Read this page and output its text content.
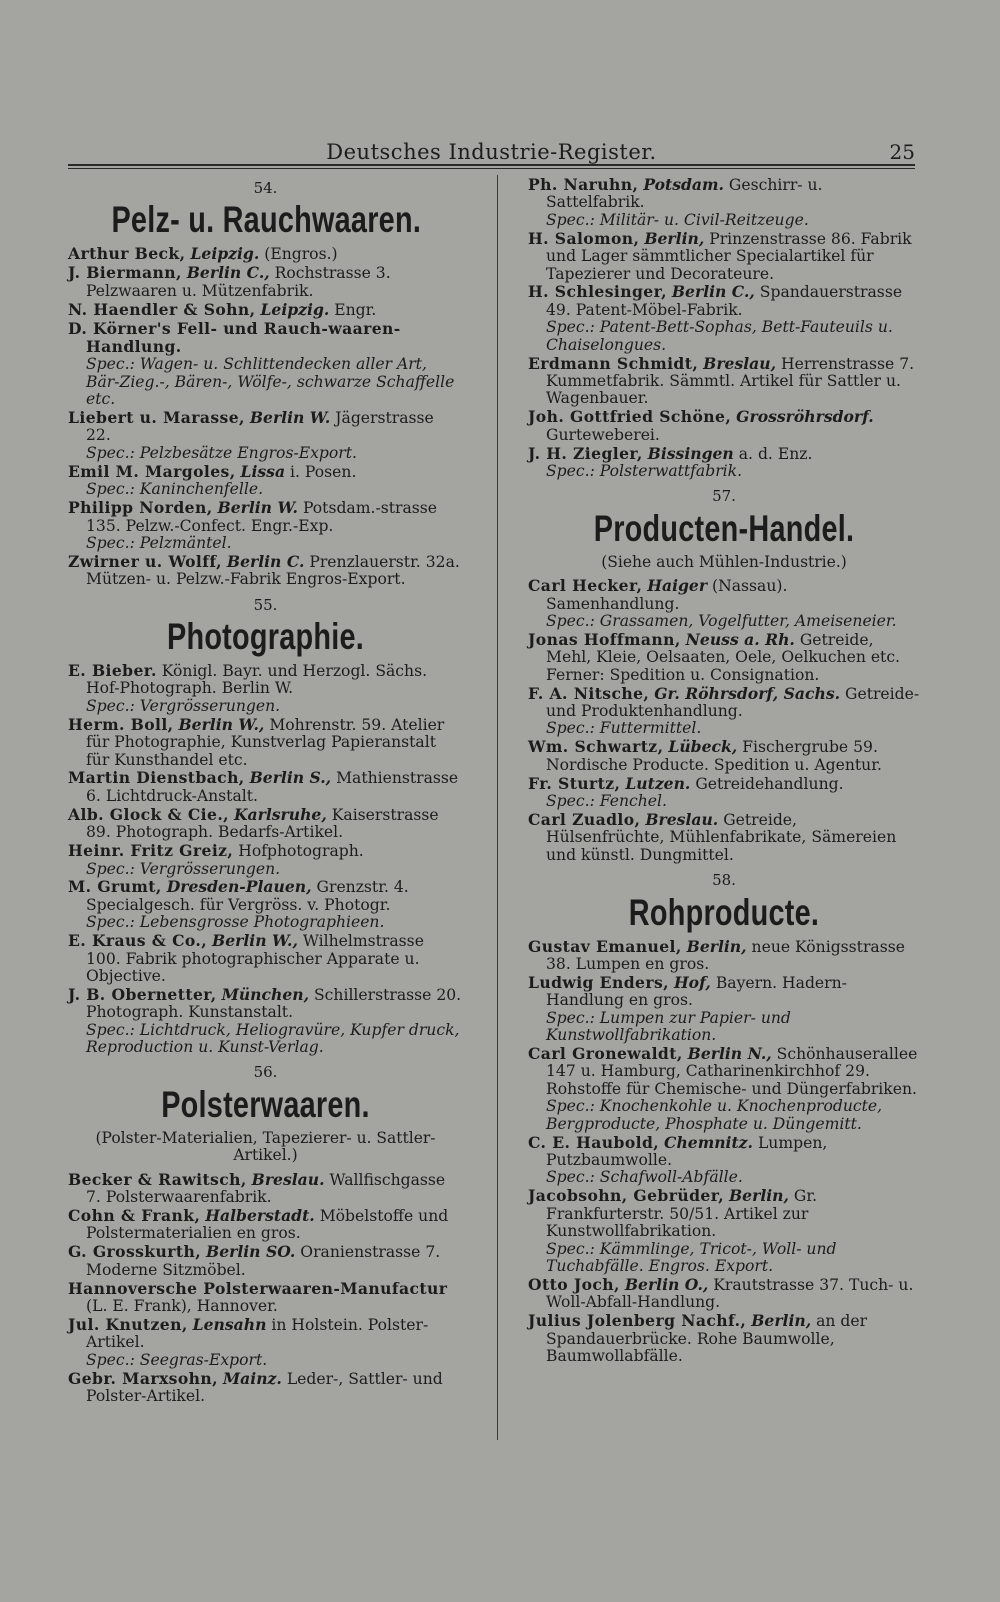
Deutsches Industrie-Register.	25
54.
Pelz- u. Rauchwaaren.
Arthur Beck, Leipzig. (Engros.)
J. Biermann, Berlin C., Rochstrasse 3. Pelzwaaren u. Mützenfabrik.
N. Haendler & Sohn, Leipzig. Engr.
D. Körner's Fell- und Rauch-waaren-Handlung.
Spec.: Wagen- u. Schlittendecken aller Art, Bär-Zieg.-, Bären-, Wölfe-, schwarze Schaffelle etc.
Liebert u. Marasse, Berlin W. Jägerstrasse 22.
Spec.: Pelzbesätze Engros-Export.
Emil M. Margoles, Lissa i. Posen.
Spec.: Kaninchenfelle.
Philipp Norden, Berlin W. Potsdam.-strasse 135. Pelzw.-Confect. Engr.-Exp.
Spec.: Pelzmäntel.
Zwirner u. Wolff, Berlin C. Prenzlauerstr. 32a. Mützen- u. Pelzw.-Fabrik Engros-Export.
55.
Photographie.
E. Bieber. Königl. Bayr. und Herzogl. Sächs. Hof-Photograph. Berlin W.
Spec.: Vergrösserungen.
Herm. Boll, Berlin W., Mohrenstr. 59. Atelier für Photographie, Kunstverlag Papieranstalt für Kunsthandel etc.
Martin Dienstbach, Berlin S., Mathienstrasse 6. Lichtdruck-Anstalt.
Alb. Glock & Cie., Karlsruhe, Kaiserstrasse 89. Photograph. Bedarfs-Artikel.
Heinr. Fritz Greiz, Hofphotograph.
Spec.: Vergrösserungen.
M. Grumt, Dresden-Plauen, Grenzstr. 4. Specialgesch. für Vergröss. v. Photogr.
Spec.: Lebensgrosse Photographieen.
E. Kraus & Co., Berlin W., Wilhelmstrasse 100. Fabrik photographischer Apparate u. Objective.
J. B. Obernetter, München, Schillerstrasse 20. Photograph. Kunstanstalt.
Spec.: Lichtdruck, Heliogravüre, Kupfer druck, Reproduction u. Kunst-Verlag.
56.
Polsterwaaren.
(Polster-Materialien, Tapezierer- u. Sattler-Artikel.)
Becker & Rawitsch, Breslau. Wallfischgasse 7. Polsterwaarenfabrik.
Cohn & Frank, Halberstadt. Möbelstoffe und Polstermaterialien en gros.
G. Grosskurth, Berlin SO. Oranienstrasse 7. Moderne Sitzmöbel.
Hannoversche Polsterwaaren-Manufactur (L. E. Frank), Hannover.
Jul. Knutzen, Lensahn in Holstein. Polster-Artikel.
Spec.: Seegras-Export.
Gebr. Marxsohn, Mainz. Leder-, Sattler- und Polster-Artikel.
Ph. Naruhn, Potsdam. Geschirr- u. Sattelfabrik.
Spec.: Militär- u. Civil-Reitzeuge.
H. Salomon, Berlin, Prinzenstrasse 86. Fabrik und Lager sämmtlicher Specialartikel für Tapezierer und Decorateure.
H. Schlesinger, Berlin C., Spandauerstrasse 49. Patent-Möbel-Fabrik.
Spec.: Patent-Bett-Sophas, Bett-Fauteuils u. Chaiselongues.
Erdmann Schmidt, Breslau, Herrenstrasse 7. Kummetfabrik. Sämmtl. Artikel für Sattler u. Wagenbauer.
Joh. Gottfried Schöne, Grossröhrsdorf. Gurteweberei.
J. H. Ziegler, Bissingen a. d. Enz.
Spec.: Polsterwattfabrik.
57.
Producten-Handel.
(Siehe auch Mühlen-Industrie.)
Carl Hecker, Haiger (Nassau). Samenhandlung.
Spec.: Grassamen, Vogelfutter, Ameiseneier.
Jonas Hoffmann, Neuss a. Rh. Getreide, Mehl, Kleie, Oelsaaten, Oele, Oelkuchen etc. Ferner: Spedition u. Consignation.
F. A. Nitsche, Gr. Röhrsdorf, Sachs. Getreide- und Produktenhandlung.
Spec.: Futtermittel.
Wm. Schwartz, Lübeck, Fischergrube 59. Nordische Producte. Spedition u. Agentur.
Fr. Sturtz, Lutzen. Getreidehandlung.
Spec.: Fenchel.
Carl Zuadlo, Breslau. Getreide, Hülsenfrüchte, Mühlenfabrikate, Sämereien und künstl. Dungmittel.
58.
Rohproducte.
Gustav Emanuel, Berlin, neue Königsstrasse 38. Lumpen en gros.
Ludwig Enders, Hof, Bayern. Hadern-Handlung en gros.
Spec.: Lumpen zur Papier- und Kunstwollfabrikation.
Carl Gronewaldt, Berlin N., Schönhauserallee 147 u. Hamburg, Catharinenkirchhof 29. Rohstoffe für Chemische- und Düngerfabriken.
Spec.: Knochenkohle u. Knochenproducte, Bergproducte, Phosphate u. Düngemitt.
C. E. Haubold, Chemnitz. Lumpen, Putzbaumwolle.
Spec.: Schafwoll-Abfälle.
Jacobsohn, Gebrüder, Berlin, Gr. Frankfurterstr. 50/51. Artikel zur Kunstwollfabrikation.
Spec.: Kämmlinge, Tricot-, Woll- und Tuchabfälle. Engros. Export.
Otto Joch, Berlin O., Krautstrasse 37. Tuch- u. Woll-Abfall-Handlung.
Julius Jolenberg Nachf., Berlin, an der Spandauerbrücke. Rohe Baumwolle, Baumwollabfälle.
